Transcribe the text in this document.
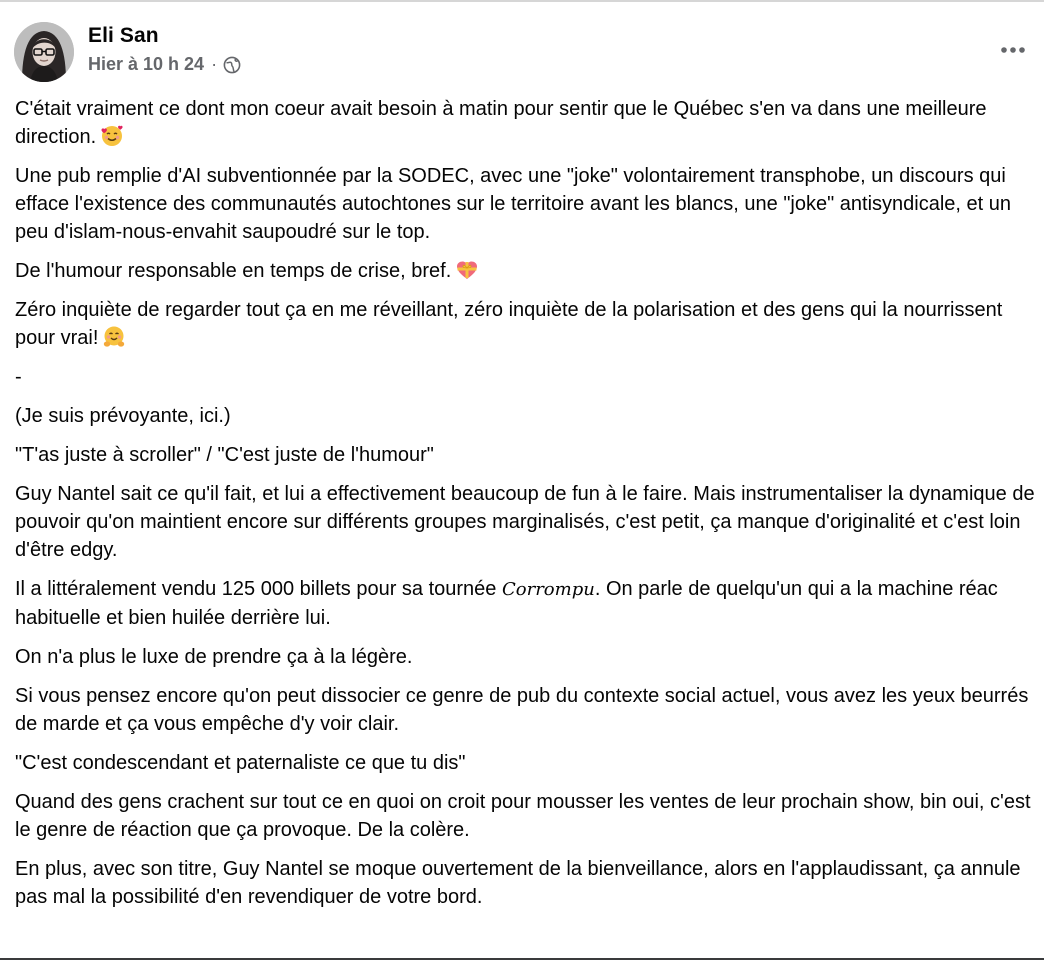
Eli San
Hier à 10 h 24 ·

C'était vraiment ce dont mon coeur avait besoin à matin pour sentir que le Québec s'en va dans une meilleure direction.

Une pub remplie d'AI subventionnée par la SODEC, avec une "joke" volontairement transphobe, un discours qui efface l'existence des communautés autochtones sur le territoire avant les blancs, une "joke" antisyndicale, et un peu d'islam-nous-envahit saupoudré sur le top.

De l'humour responsable en temps de crise, bref.

Zéro inquiète de regarder tout ça en me réveillant, zéro inquiète de la polarisation et des gens qui la nourrissent pour vrai!

-

(Je suis prévoyante, ici.)

"T'as juste à scroller" / "C'est juste de l'humour"

Guy Nantel sait ce qu'il fait, et lui a effectivement beaucoup de fun à le faire. Mais instrumentaliser la dynamique de pouvoir qu'on maintient encore sur différents groupes marginalisés, c'est petit, ça manque d'originalité et c'est loin d'être edgy.

Il a littéralement vendu 125 000 billets pour sa tournée Corrompu. On parle de quelqu'un qui a la machine réac habituelle et bien huilée derrière lui.

On n'a plus le luxe de prendre ça à la légère.

Si vous pensez encore qu'on peut dissocier ce genre de pub du contexte social actuel, vous avez les yeux beurrés de marde et ça vous empêche d'y voir clair.

"C'est condescendant et paternaliste ce que tu dis"

Quand des gens crachent sur tout ce en quoi on croit pour mousser les ventes de leur prochain show, bin oui, c'est le genre de réaction que ça provoque. De la colère.

En plus, avec son titre, Guy Nantel se moque ouvertement de la bienveillance, alors en l'applaudissant, ça annule pas mal la possibilité d'en revendiquer de votre bord.
